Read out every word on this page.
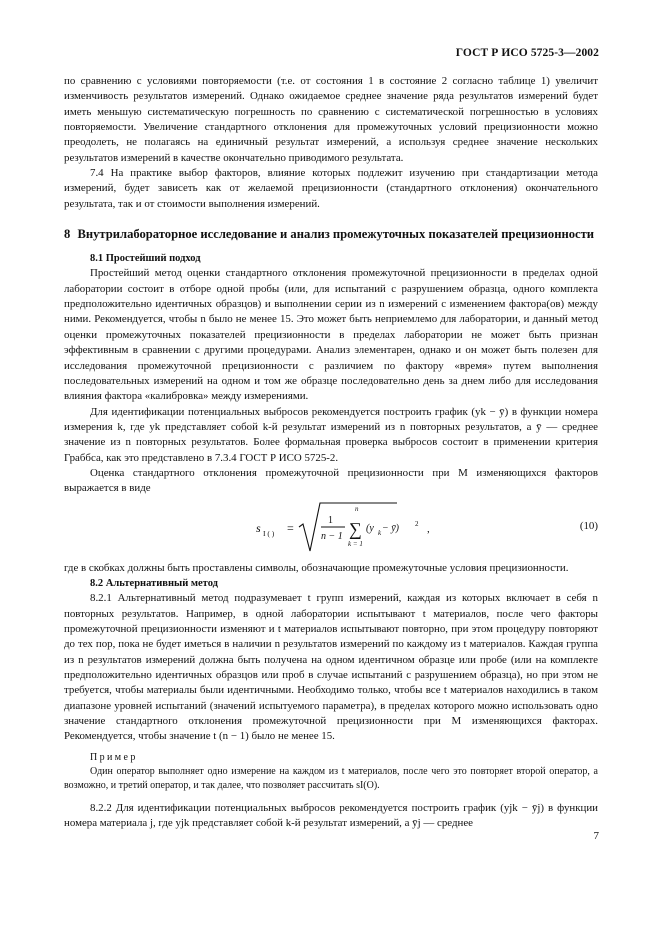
ГОСТ Р ИСО 5725-3—2002

по сравнению с условиями повторяемости (т.е. от состояния 1 в состояние 2 согласно таблице 1) увеличит изменчивость результатов измерений. Однако ожидаемое среднее значение ряда результатов измерений будет иметь меньшую систематическую погрешность по сравнению с систематической погрешностью в условиях повторяемости. Увеличение стандартного отклонения для промежуточных условий прецизионности можно преодолеть, не полагаясь на единичный результат измерений, а используя среднее значение нескольких результатов измерений в качестве окончательно приводимого результата.

7.4 На практике выбор факторов, влияние которых подлежит изучению при стандартизации метода измерений, будет зависеть как от желаемой прецизионности (стандартного отклонения) окончательного результата, так и от стоимости выполнения измерений.

8 Внутрилабораторное исследование и анализ промежуточных показателей прецизионности

8.1 Простейший подход

Простейший метод оценки стандартного отклонения промежуточной прецизионности в пределах одной лаборатории состоит в отборе одной пробы (или, для испытаний с разрушением образца, одного комплекта предположительно идентичных образцов) и выполнении серии из n измерений с изменением фактора(ов) между ними. Рекомендуется, чтобы n было не менее 15. Это может быть неприемлемо для лаборатории, и данный метод оценки промежуточных показателей прецизионности в пределах лаборатории не может быть признан эффективным в сравнении с другими процедурами. Анализ элементарен, однако и он может быть полезен для исследования промежуточной прецизионности с различием по фактору «время» путем выполнения последовательных измерений на одном и том же образце последовательно день за днем либо для исследования влияния фактора «калибровка» между измерениями.

Для идентификации потенциальных выбросов рекомендуется построить график (yk − ȳ) в функции номера измерения k, где yk представляет собой k-й результат измерений из n повторных результатов, а ȳ — среднее значение из n повторных результатов. Более формальная проверка выбросов состоит в применении критерия Граббса, как это представлено в 7.3.4 ГОСТ Р ИСО 5725-2.

Оценка стандартного отклонения промежуточной прецизионности при M изменяющихся факторов выражается в виде

s I ( ) =
1
n − 1
n
∑
k = 1
(y k − ȳ) 2 ,	(10)

где в скобках должны быть проставлены символы, обозначающие промежуточные условия прецизионности.

8.2 Альтернативный метод

8.2.1 Альтернативный метод подразумевает t групп измерений, каждая из которых включает в себя n повторных результатов. Например, в одной лаборатории испытывают t материалов, после чего факторы промежуточной прецизионности изменяют и t материалов испытывают повторно, при этом процедуру повторяют до тех пор, пока не будет иметься в наличии n результатов измерений по каждому из t материалов. Каждая группа из n результатов измерений должна быть получена на одном идентичном образце или пробе (или на комплекте предположительно идентичных образцов или проб в случае испытаний с разрушением образца), но при этом не требуется, чтобы материалы были идентичными. Необходимо только, чтобы все t материалов находились в таком диапазоне уровней испытаний (значений испытуемого параметра), в пределах которого можно использовать одно значение стандартного отклонения промежуточной прецизионности при M изменяющихся факторах. Рекомендуется, чтобы значение t (n − 1) было не менее 15.

Пример

Один оператор выполняет одно измерение на каждом из t материалов, после чего это повторяет второй оператор, а возможно, и третий оператор, и так далее, что позволяет рассчитать sI(O).

8.2.2 Для идентификации потенциальных выбросов рекомендуется построить график (yjk − ȳj) в функции номера материала j, где yjk представляет собой k-й результат измерений, а ȳj — среднее

7
